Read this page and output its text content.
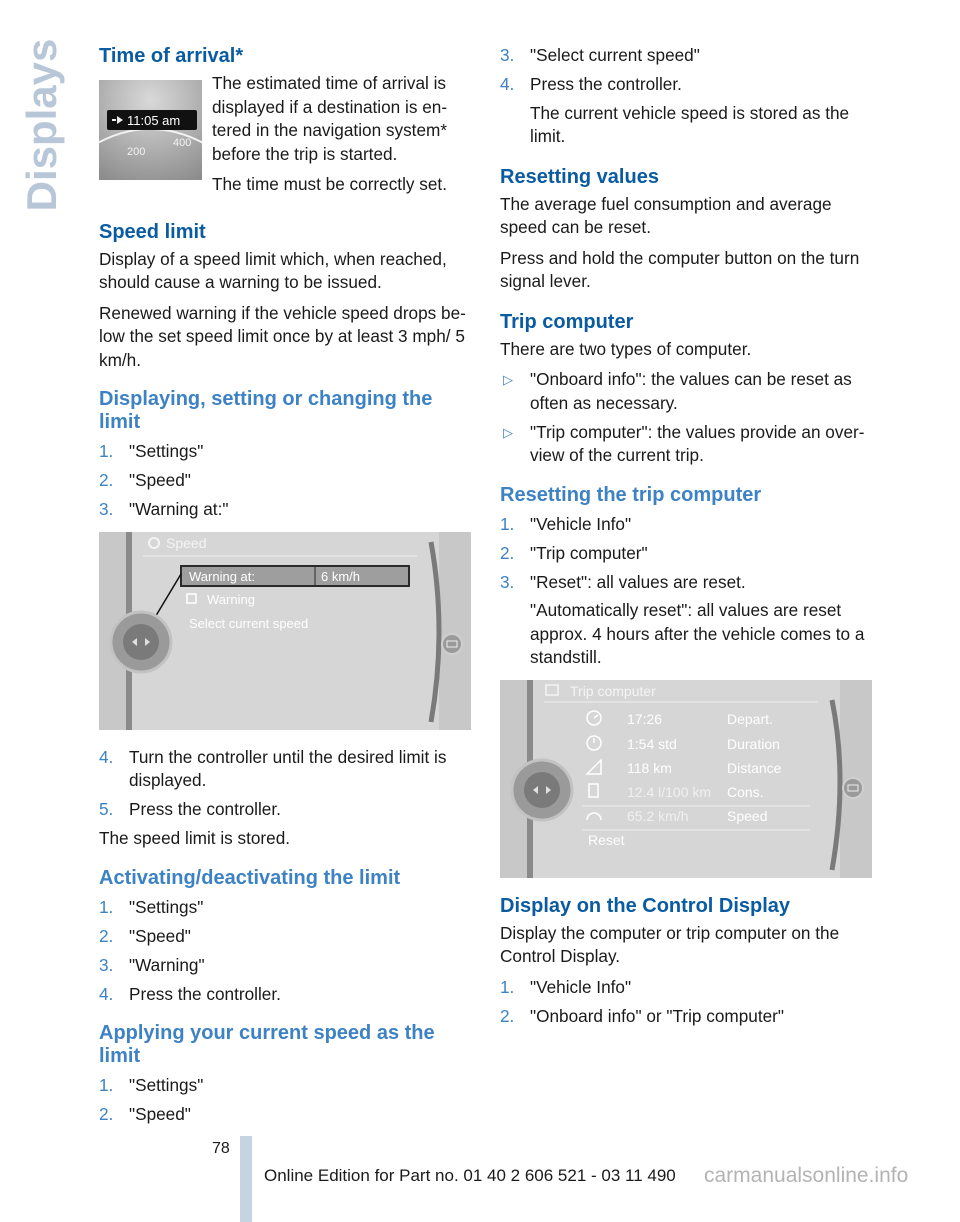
Displays Time of arrival*
11:05 am
200
400

The estimated time of arrival is displayed if a destination is entered in the navigation system* before the trip is started.

The time must be correctly set.

Speed limit

Display of a speed limit which, when reached, should cause a warning to be issued.

Renewed warning if the vehicle speed drops below the set speed limit once by at least 3 mph/ 5 km/h.

Displaying, setting or changing the limit
1. "Settings"
2. "Speed"
3. "Warning at:"
Speed
Warning at:	6 km/h
Warning
Select current speed
4. Turn the controller until the desired limit is displayed.
5. Press the controller.

The speed limit is stored.

Activating/deactivating the limit
1. "Settings"
2. "Speed"
3. "Warning"
4. Press the controller.
Applying your current speed as the limit
1. "Settings"
2. "Speed"
3. "Select current speed"
4. Press the controller.
The current vehicle speed is stored as the limit.
Resetting values

The average fuel consumption and average speed can be reset.

Press and hold the computer button on the turn signal lever.

Trip computer

There are two types of computer.

▷ "Onboard info": the values can be reset as often as necessary.
▷ "Trip computer": the values provide an overview of the current trip.
Resetting the trip computer
1. "Vehicle Info"
2. "Trip computer"
3. "Reset": all values are reset.
"Automatically reset": all values are reset approx. 4 hours after the vehicle comes to a standstill.
Trip computer
17:26	Depart.
1:54 std	Duration
118 km	Distance
12.4 l/100 km Cons.
65.2 km/h	Speed
Reset
Display on the Control Display

Display the computer or trip computer on the Control Display.

1. "Vehicle Info"
2. "Onboard info" or "Trip computer"
78
Online Edition for Part no. 01 40 2 606 521 - 03 11 490 carmanualsonline.info
